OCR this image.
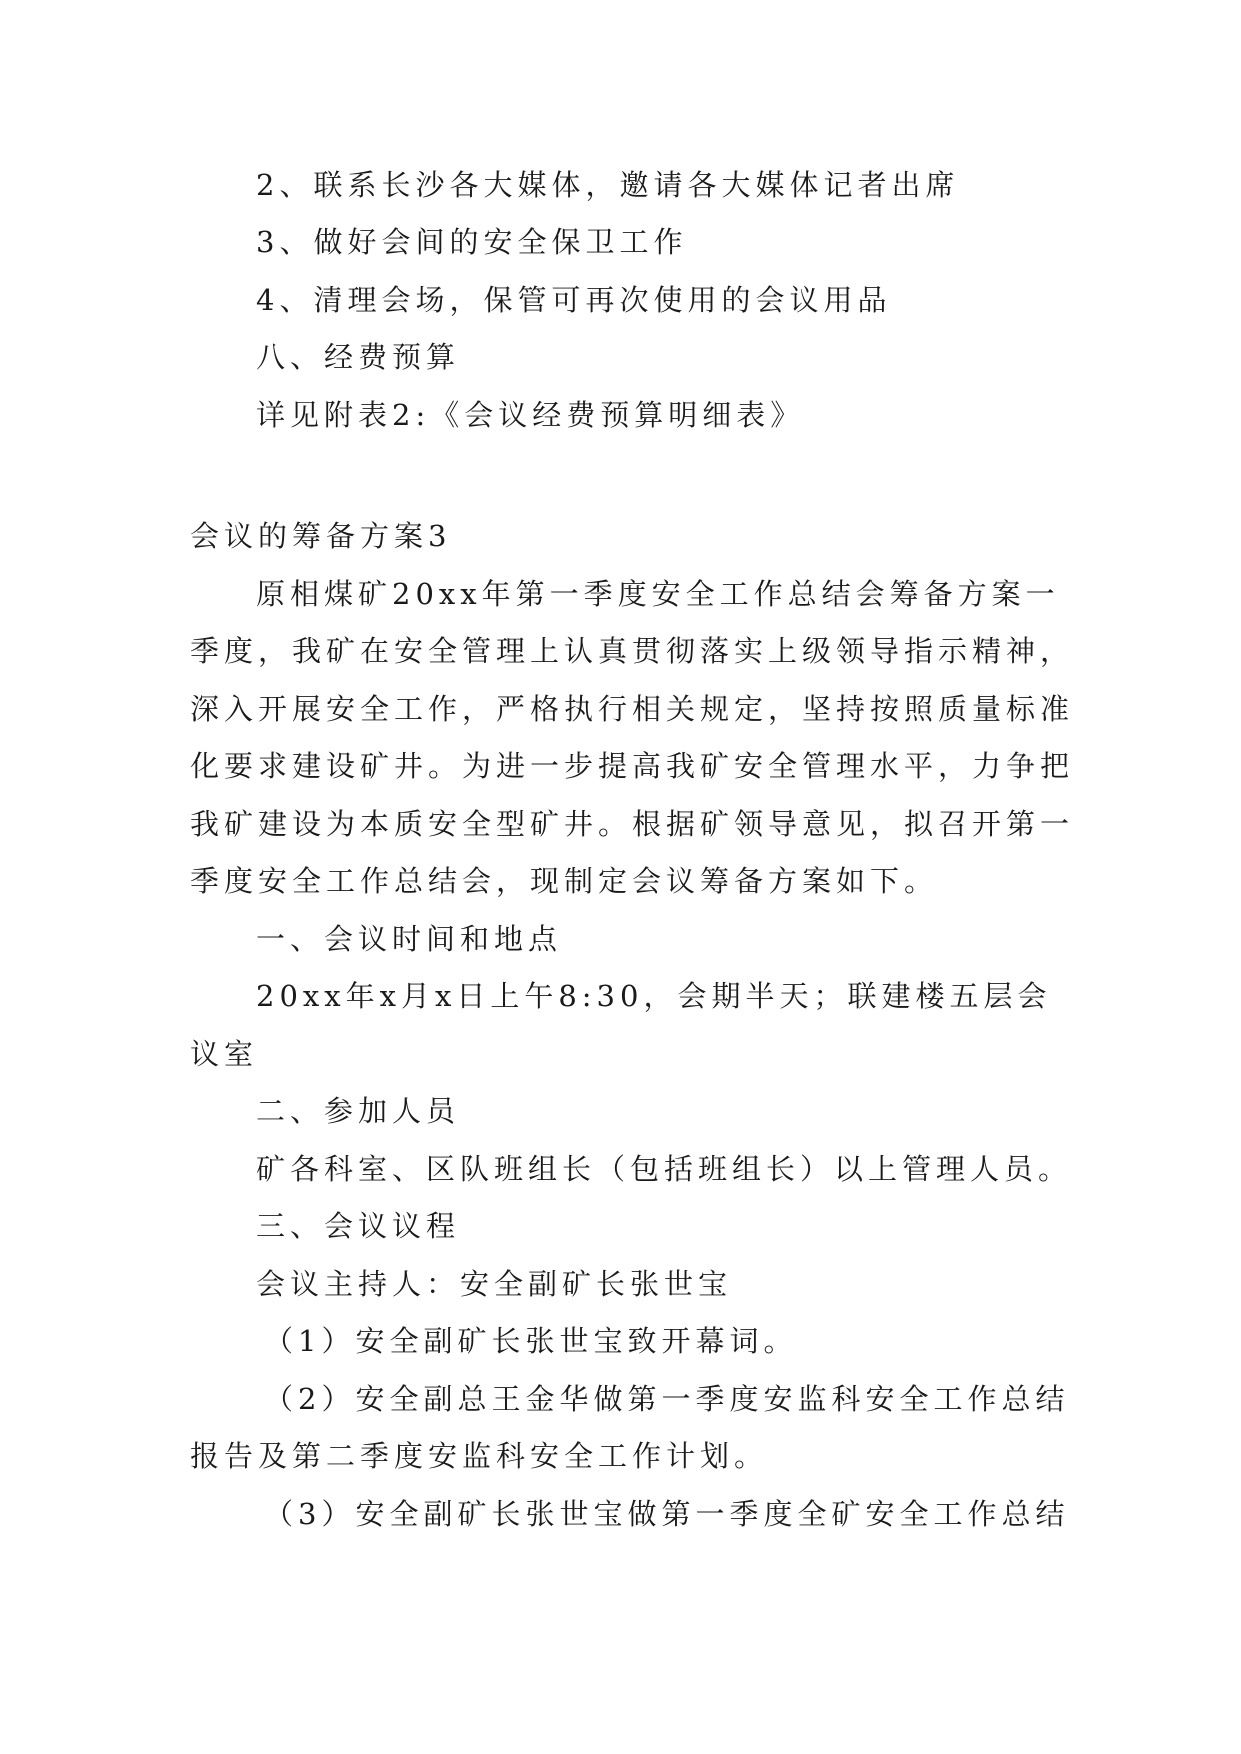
2、联系长沙各大媒体，邀请各大媒体记者出席
3、做好会间的安全保卫工作
4、清理会场，保管可再次使用的会议用品
八、经费预算
详见附表2:《会议经费预算明细表》
会议的筹备方案3
原相煤矿20xx年第一季度安全工作总结会筹备方案一
季度，我矿在安全管理上认真贯彻落实上级领导指示精神，
深入开展安全工作，严格执行相关规定，坚持按照质量标准
化要求建设矿井。为进一步提高我矿安全管理水平，力争把
我矿建设为本质安全型矿井。根据矿领导意见，拟召开第一
季度安全工作总结会，现制定会议筹备方案如下。
一、会议时间和地点
20xx年x月x日上午8:30，会期半天；联建楼五层会
议室
二、参加人员
矿各科室、区队班组长（包括班组长）以上管理人员。
三、会议议程
会议主持人：安全副矿长张世宝
（1）安全副矿长张世宝致开幕词。
（2）安全副总王金华做第一季度安监科安全工作总结
报告及第二季度安监科安全工作计划。
（3）安全副矿长张世宝做第一季度全矿安全工作总结
